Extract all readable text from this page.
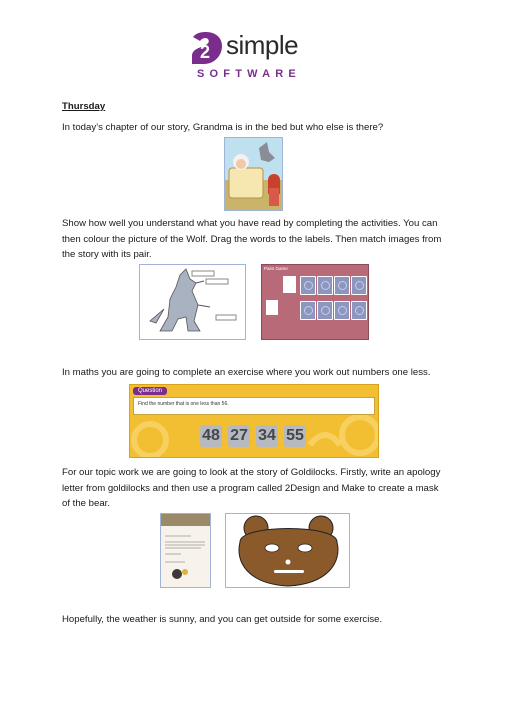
2 simple
SOFTWARE
Thursday
In today’s chapter of our story, Grandma is in the bed but who else is there?
Show how well you understand what you have read by completing the activities. You can then colour the picture of the Wolf. Drag the words to the labels. Then match images from the story with its pair.
Pairs Game
In maths you are going to complete an exercise where you work out numbers one less.
Question
Find the number that is one less than 56.
48 27 34 55
For our topic work we are going to look at the story of Goldilocks. Firstly, write an apology letter from goldilocks and then use a program called 2Design and Make to create a mask of the bear.
Hopefully, the weather is sunny, and you can get outside for some exercise.
